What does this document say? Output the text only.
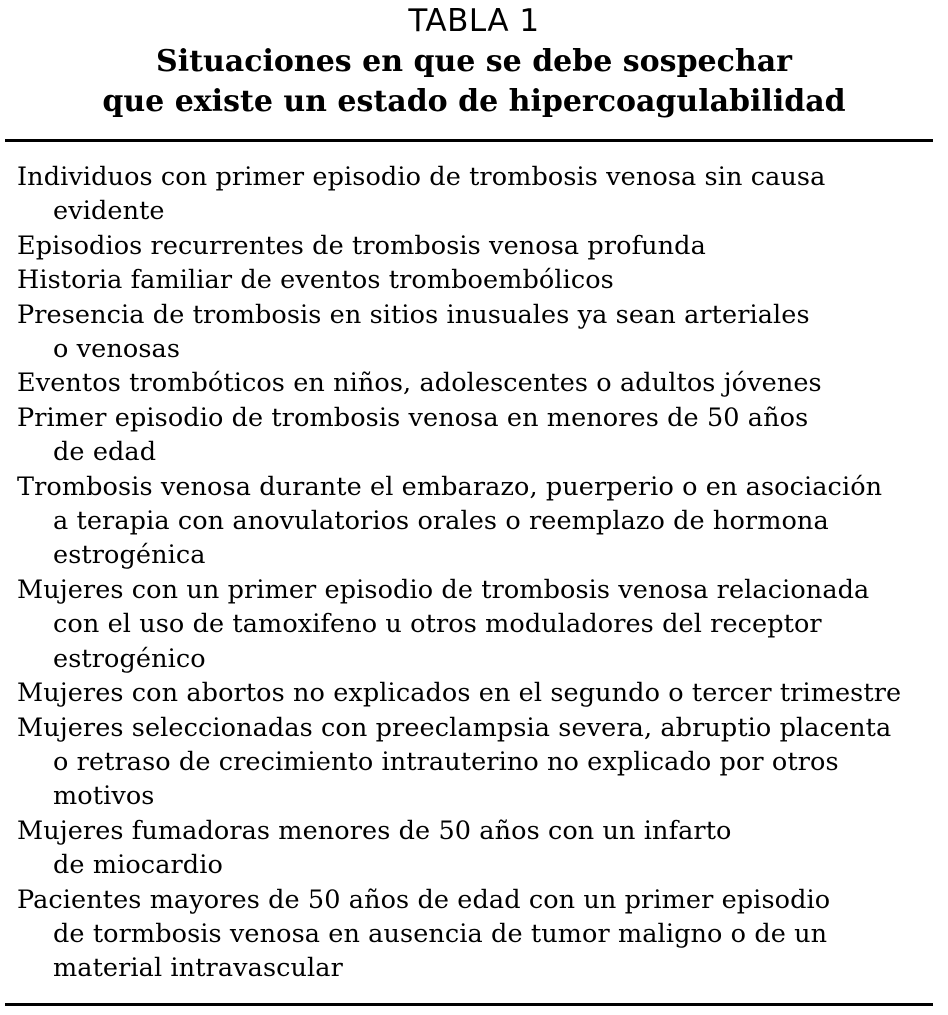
TABLA 1
Situaciones en que se debe sospechar
que existe un estado de hipercoagulabilidad
Individuos con primer episodio de trombosis venosa sin causa
evidente
Episodios recurrentes de trombosis venosa profunda
Historia familiar de eventos tromboembólicos
Presencia de trombosis en sitios inusuales ya sean arteriales
o venosas
Eventos trombóticos en niños, adolescentes o adultos jóvenes
Primer episodio de trombosis venosa en menores de 50 años
de edad
Trombosis venosa durante el embarazo, puerperio o en asociación
a terapia con anovulatorios orales o reemplazo de hormona
estrogénica
Mujeres con un primer episodio de trombosis venosa relacionada
con el uso de tamoxifeno u otros moduladores del receptor
estrogénico
Mujeres con abortos no explicados en el segundo o tercer trimestre
Mujeres seleccionadas con preeclampsia severa, abruptio placenta
o retraso de crecimiento intrauterino no explicado por otros
motivos
Mujeres fumadoras menores de 50 años con un infarto
de miocardio
Pacientes mayores de 50 años de edad con un primer episodio
de tormbosis venosa en ausencia de tumor maligno o de un
material intravascular
